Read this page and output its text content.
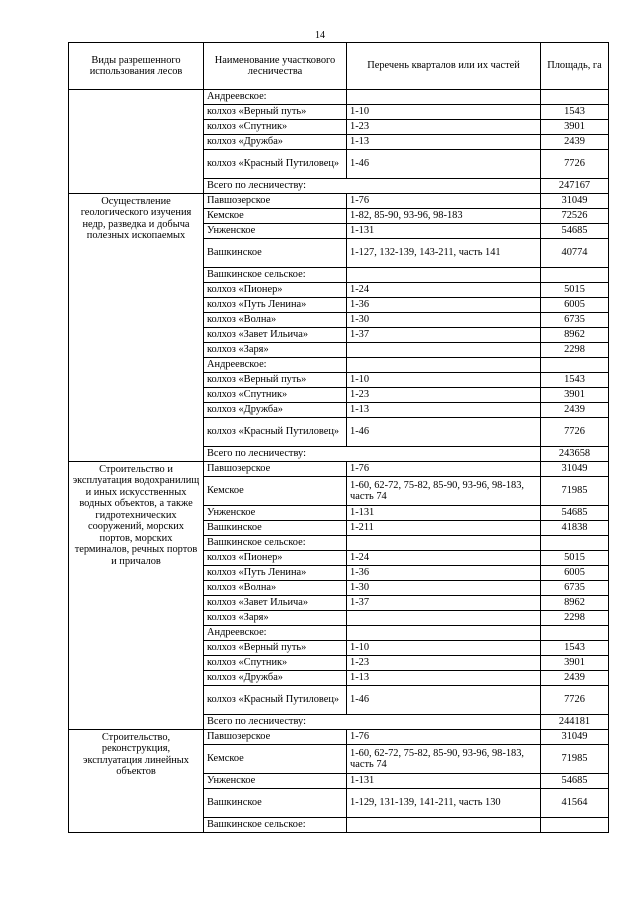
14
Виды разрешенного использования лесов	Наименование участкового лесничества	Перечень кварталов или их частей	Площадь, га
	Андреевское:		
	колхоз «Верный путь»	1-10	1543
	колхоз «Спутник»	1-23	3901
	колхоз «Дружба»	1-13	2439
	колхоз «Красный Путиловец»	1-46	7726
	Всего по лесничеству:		247167
Осуществление геологического изучения недр, разведка и добыча полезных ископаемых	Павшозерское	1-76	31049
	Кемское	1-82, 85-90, 93-96, 98-183	72526
	Унженское	1-131	54685
	Вашкинское	1-127, 132-139, 143-211, часть 141	40774
	Вашкинское сельское:		
	колхоз «Пионер»	1-24	5015
	колхоз «Путь Ленина»	1-36	6005
	колхоз «Волна»	1-30	6735
	колхоз «Завет Ильича»	1-37	8962
	колхоз «Заря»		2298
	Андреевское:		
	колхоз «Верный путь»	1-10	1543
	колхоз «Спутник»	1-23	3901
	колхоз «Дружба»	1-13	2439
	колхоз «Красный Путиловец»	1-46	7726
	Всего по лесничеству:		243658
Строительство и эксплуатация водохранилищ и иных искусственных водных объектов, а также гидротехнических сооружений, морских портов, морских терминалов, речных портов и причалов	Павшозерское	1-76	31049
	Кемское	1-60, 62-72, 75-82, 85-90, 93-96, 98-183, часть 74	71985
	Унженское	1-131	54685
	Вашкинское	1-211	41838
	Вашкинское сельское:		
	колхоз «Пионер»	1-24	5015
	колхоз «Путь Ленина»	1-36	6005
	колхоз «Волна»	1-30	6735
	колхоз «Завет Ильича»	1-37	8962
	колхоз «Заря»		2298
	Андреевское:		
	колхоз «Верный путь»	1-10	1543
	колхоз «Спутник»	1-23	3901
	колхоз «Дружба»	1-13	2439
	колхоз «Красный Путиловец»	1-46	7726
	Всего по лесничеству:		244181
Строительство, реконструкция, эксплуатация линейных объектов	Павшозерское	1-76	31049
	Кемское	1-60, 62-72, 75-82, 85-90, 93-96, 98-183, часть 74	71985
	Унженское	1-131	54685
	Вашкинское	1-129, 131-139, 141-211, часть 130	41564
	Вашкинское сельское:		
